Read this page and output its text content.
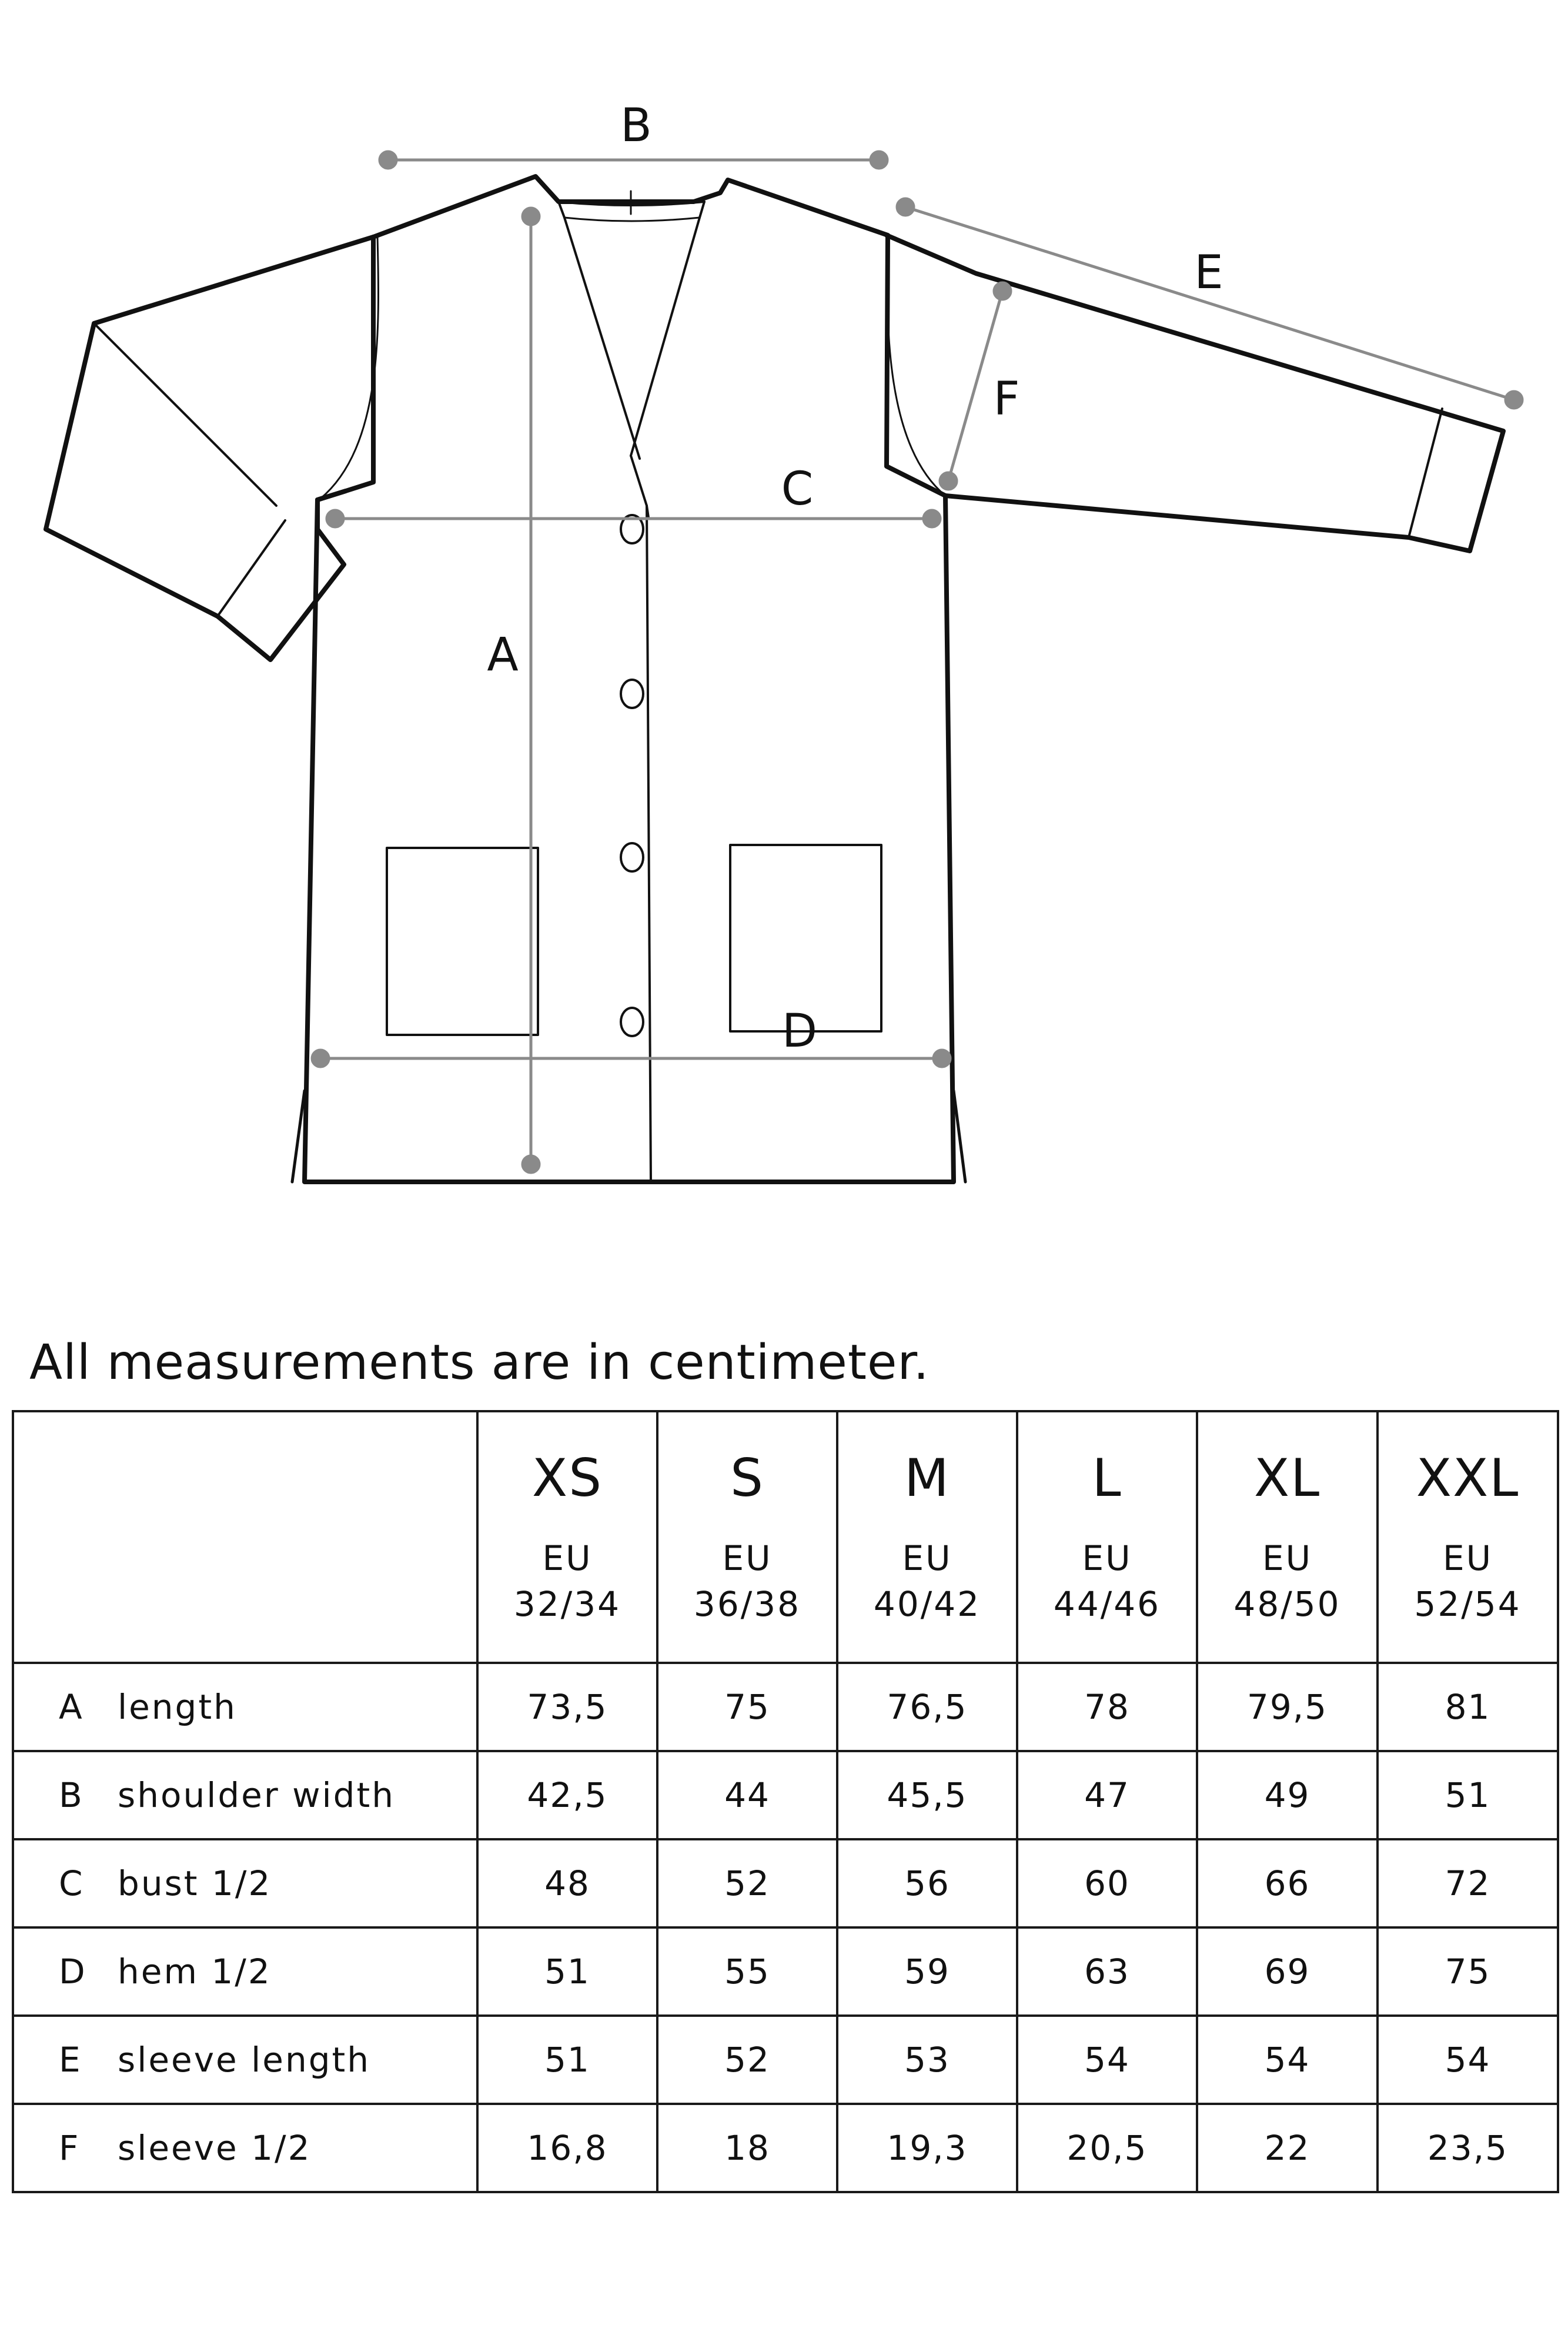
B
E
F
C
A
D
All measurements are in centimeter.

	XS
EU
32/34	S
EU
36/38	M
EU
40/42	L
EU
44/46	XL
EU
48/50	XXL
EU
52/54

A length	73,5	75	76,5	78	79,5	81
B shoulder width	42,5	44	45,5	47	49	51
C bust 1/2	48	52	56	60	66	72
D hem 1/2	51	55	59	63	69	75
E sleeve length	51	52	53	54	54	54
F sleeve 1/2	16,8	18	19,3	20,5	22	23,5
